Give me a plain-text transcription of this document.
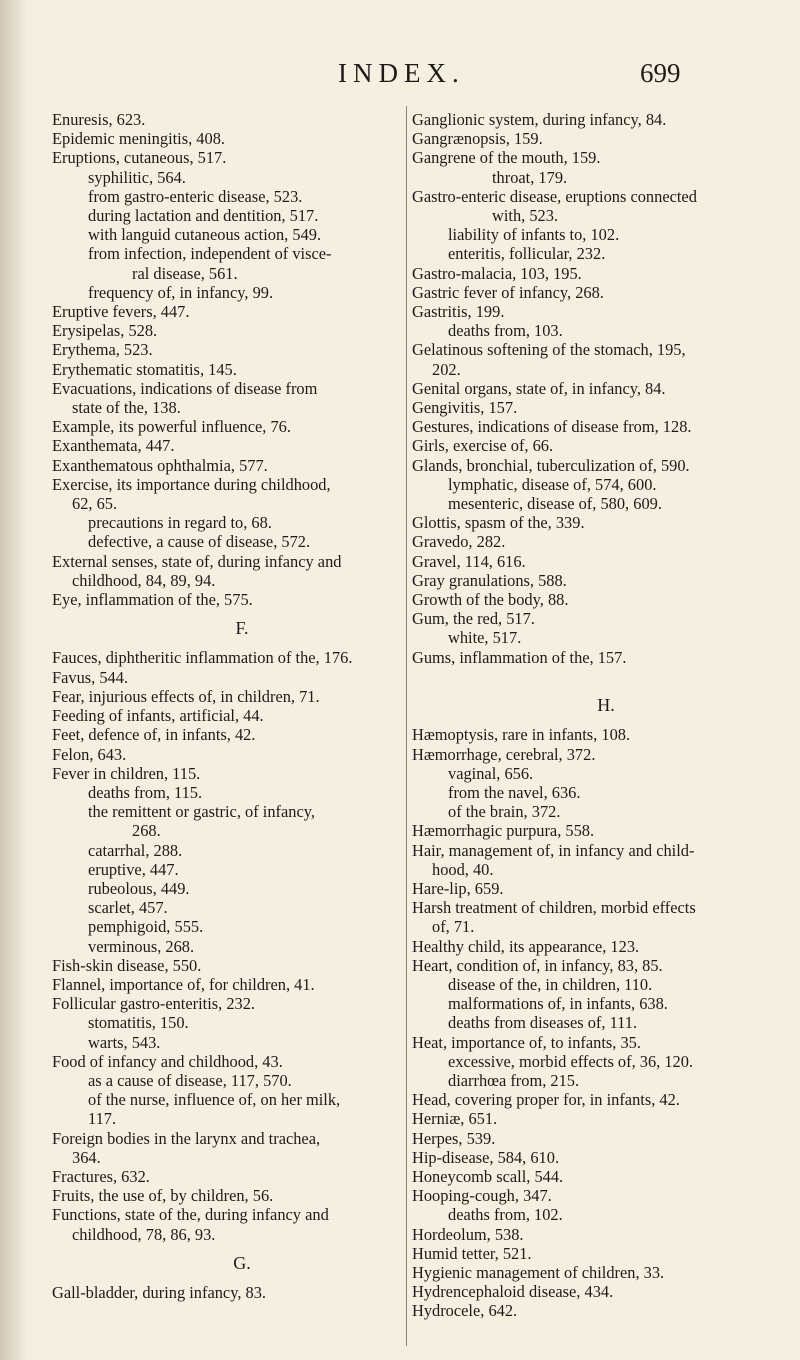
INDEX.	699
Enuresis, 623.
Epidemic meningitis, 408.
Eruptions, cutaneous, 517.
syphilitic, 564.
from gastro-enteric disease, 523.
during lactation and dentition, 517.
with languid cutaneous action, 549.
from infection, independent of visce-
ral disease, 561.
frequency of, in infancy, 99.
Eruptive fevers, 447.
Erysipelas, 528.
Erythema, 523.
Erythematic stomatitis, 145.
Evacuations, indications of disease from
state of the, 138.
Example, its powerful influence, 76.
Exanthemata, 447.
Exanthematous ophthalmia, 577.
Exercise, its importance during childhood,
62, 65.
precautions in regard to, 68.
defective, a cause of disease, 572.
External senses, state of, during infancy and
childhood, 84, 89, 94.
Eye, inflammation of the, 575.
F.
Fauces, diphtheritic inflammation of the, 176.
Favus, 544.
Fear, injurious effects of, in children, 71.
Feeding of infants, artificial, 44.
Feet, defence of, in infants, 42.
Felon, 643.
Fever in children, 115.
deaths from, 115.
the remittent or gastric, of infancy,
268.
catarrhal, 288.
eruptive, 447.
rubeolous, 449.
scarlet, 457.
pemphigoid, 555.
verminous, 268.
Fish-skin disease, 550.
Flannel, importance of, for children, 41.
Follicular gastro-enteritis, 232.
stomatitis, 150.
warts, 543.
Food of infancy and childhood, 43.
as a cause of disease, 117, 570.
of the nurse, influence of, on her milk,
117.
Foreign bodies in the larynx and trachea,
364.
Fractures, 632.
Fruits, the use of, by children, 56.
Functions, state of the, during infancy and
childhood, 78, 86, 93.
G.
Gall-bladder, during infancy, 83.
Ganglionic system, during infancy, 84.
Gangrænopsis, 159.
Gangrene of the mouth, 159.
throat, 179.
Gastro-enteric disease, eruptions connected
with, 523.
liability of infants to, 102.
enteritis, follicular, 232.
Gastro-malacia, 103, 195.
Gastric fever of infancy, 268.
Gastritis, 199.
deaths from, 103.
Gelatinous softening of the stomach, 195,
202.
Genital organs, state of, in infancy, 84.
Gengivitis, 157.
Gestures, indications of disease from, 128.
Girls, exercise of, 66.
Glands, bronchial, tuberculization of, 590.
lymphatic, disease of, 574, 600.
mesenteric, disease of, 580, 609.
Glottis, spasm of the, 339.
Gravedo, 282.
Gravel, 114, 616.
Gray granulations, 588.
Growth of the body, 88.
Gum, the red, 517.
white, 517.
Gums, inflammation of the, 157.

H.
Hæmoptysis, rare in infants, 108.
Hæmorrhage, cerebral, 372.
vaginal, 656.
from the navel, 636.
of the brain, 372.
Hæmorrhagic purpura, 558.
Hair, management of, in infancy and child-
hood, 40.
Hare-lip, 659.
Harsh treatment of children, morbid effects
of, 71.
Healthy child, its appearance, 123.
Heart, condition of, in infancy, 83, 85.
disease of the, in children, 110.
malformations of, in infants, 638.
deaths from diseases of, 111.
Heat, importance of, to infants, 35.
excessive, morbid effects of, 36, 120.
diarrhœa from, 215.
Head, covering proper for, in infants, 42.
Herniæ, 651.
Herpes, 539.
Hip-disease, 584, 610.
Honeycomb scall, 544.
Hooping-cough, 347.
deaths from, 102.
Hordeolum, 538.
Humid tetter, 521.
Hygienic management of children, 33.
Hydrencephaloid disease, 434.
Hydrocele, 642.
